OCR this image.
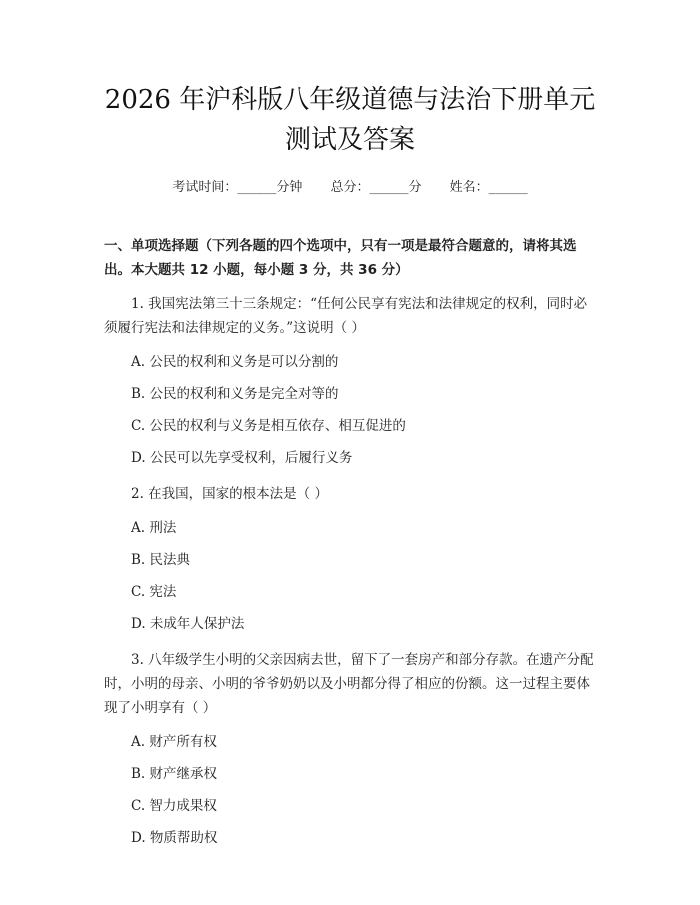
2026 年沪科版八年级道德与法治下册单元测试及答案
考试时间：______分钟 总分：______分 姓名：______
一、单项选择题（下列各题的四个选项中，只有一项是最符合题意的，请将其选出。本大题共 12 小题，每小题 3 分，共 36 分）
1. 我国宪法第三十三条规定：“任何公民享有宪法和法律规定的权利，同时必须履行宪法和法律规定的义务。”这说明（ ）
A. 公民的权利和义务是可以分割的
B. 公民的权利和义务是完全对等的
C. 公民的权利与义务是相互依存、相互促进的
D. 公民可以先享受权利，后履行义务
2. 在我国，国家的根本法是（ ）
A. 刑法
B. 民法典
C. 宪法
D. 未成年人保护法
3. 八年级学生小明的父亲因病去世，留下了一套房产和部分存款。在遗产分配时，小明的母亲、小明的爷爷奶奶以及小明都分得了相应的份额。这一过程主要体现了小明享有（ ）
A. 财产所有权
B. 财产继承权
C. 智力成果权
D. 物质帮助权
